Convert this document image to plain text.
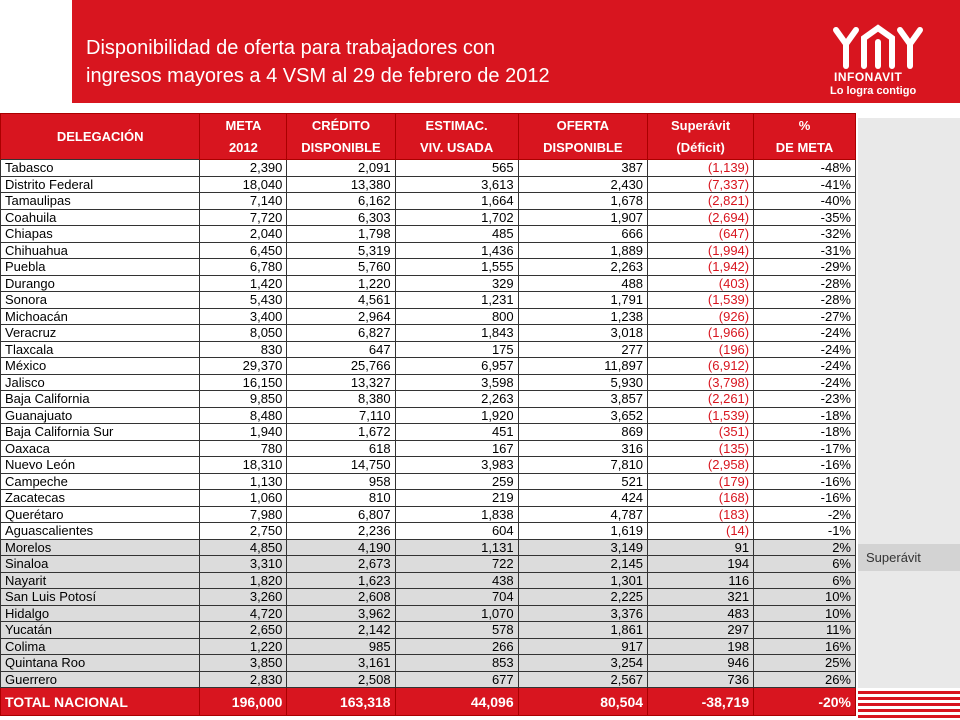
Disponibilidad de oferta para trabajadores con
ingresos mayores a 4 VSM al 29 de febrero de 2012	INFONAVIT
Lo logra contigo
Superávit
DELEGACIÓN	META	CRÉDITO	ESTIMAC.	OFERTA	Superávit	%
	2012	DISPONIBLE	VIV. USADA	DISPONIBLE	(Déficit)	DE META
Tabasco	2,390	2,091	565	387	(1,139)	-48%
Distrito Federal	18,040	13,380	3,613	2,430	(7,337)	-41%
Tamaulipas	7,140	6,162	1,664	1,678	(2,821)	-40%
Coahuila	7,720	6,303	1,702	1,907	(2,694)	-35%
Chiapas	2,040	1,798	485	666	(647)	-32%
Chihuahua	6,450	5,319	1,436	1,889	(1,994)	-31%
Puebla	6,780	5,760	1,555	2,263	(1,942)	-29%
Durango	1,420	1,220	329	488	(403)	-28%
Sonora	5,430	4,561	1,231	1,791	(1,539)	-28%
Michoacán	3,400	2,964	800	1,238	(926)	-27%
Veracruz	8,050	6,827	1,843	3,018	(1,966)	-24%
Tlaxcala	830	647	175	277	(196)	-24%
México	29,370	25,766	6,957	11,897	(6,912)	-24%
Jalisco	16,150	13,327	3,598	5,930	(3,798)	-24%
Baja California	9,850	8,380	2,263	3,857	(2,261)	-23%
Guanajuato	8,480	7,110	1,920	3,652	(1,539)	-18%
Baja California Sur	1,940	1,672	451	869	(351)	-18%
Oaxaca	780	618	167	316	(135)	-17%
Nuevo León	18,310	14,750	3,983	7,810	(2,958)	-16%
Campeche	1,130	958	259	521	(179)	-16%
Zacatecas	1,060	810	219	424	(168)	-16%
Querétaro	7,980	6,807	1,838	4,787	(183)	-2%
Aguascalientes	2,750	2,236	604	1,619	(14)	-1%
Morelos	4,850	4,190	1,131	3,149	91	2%
Sinaloa	3,310	2,673	722	2,145	194	6%
Nayarit	1,820	1,623	438	1,301	116	6%
San Luis Potosí	3,260	2,608	704	2,225	321	10%
Hidalgo	4,720	3,962	1,070	3,376	483	10%
Yucatán	2,650	2,142	578	1,861	297	11%
Colima	1,220	985	266	917	198	16%
Quintana Roo	3,850	3,161	853	3,254	946	25%
Guerrero	2,830	2,508	677	2,567	736	26%
TOTAL NACIONAL	196,000	163,318	44,096	80,504	-38,719	-20%
